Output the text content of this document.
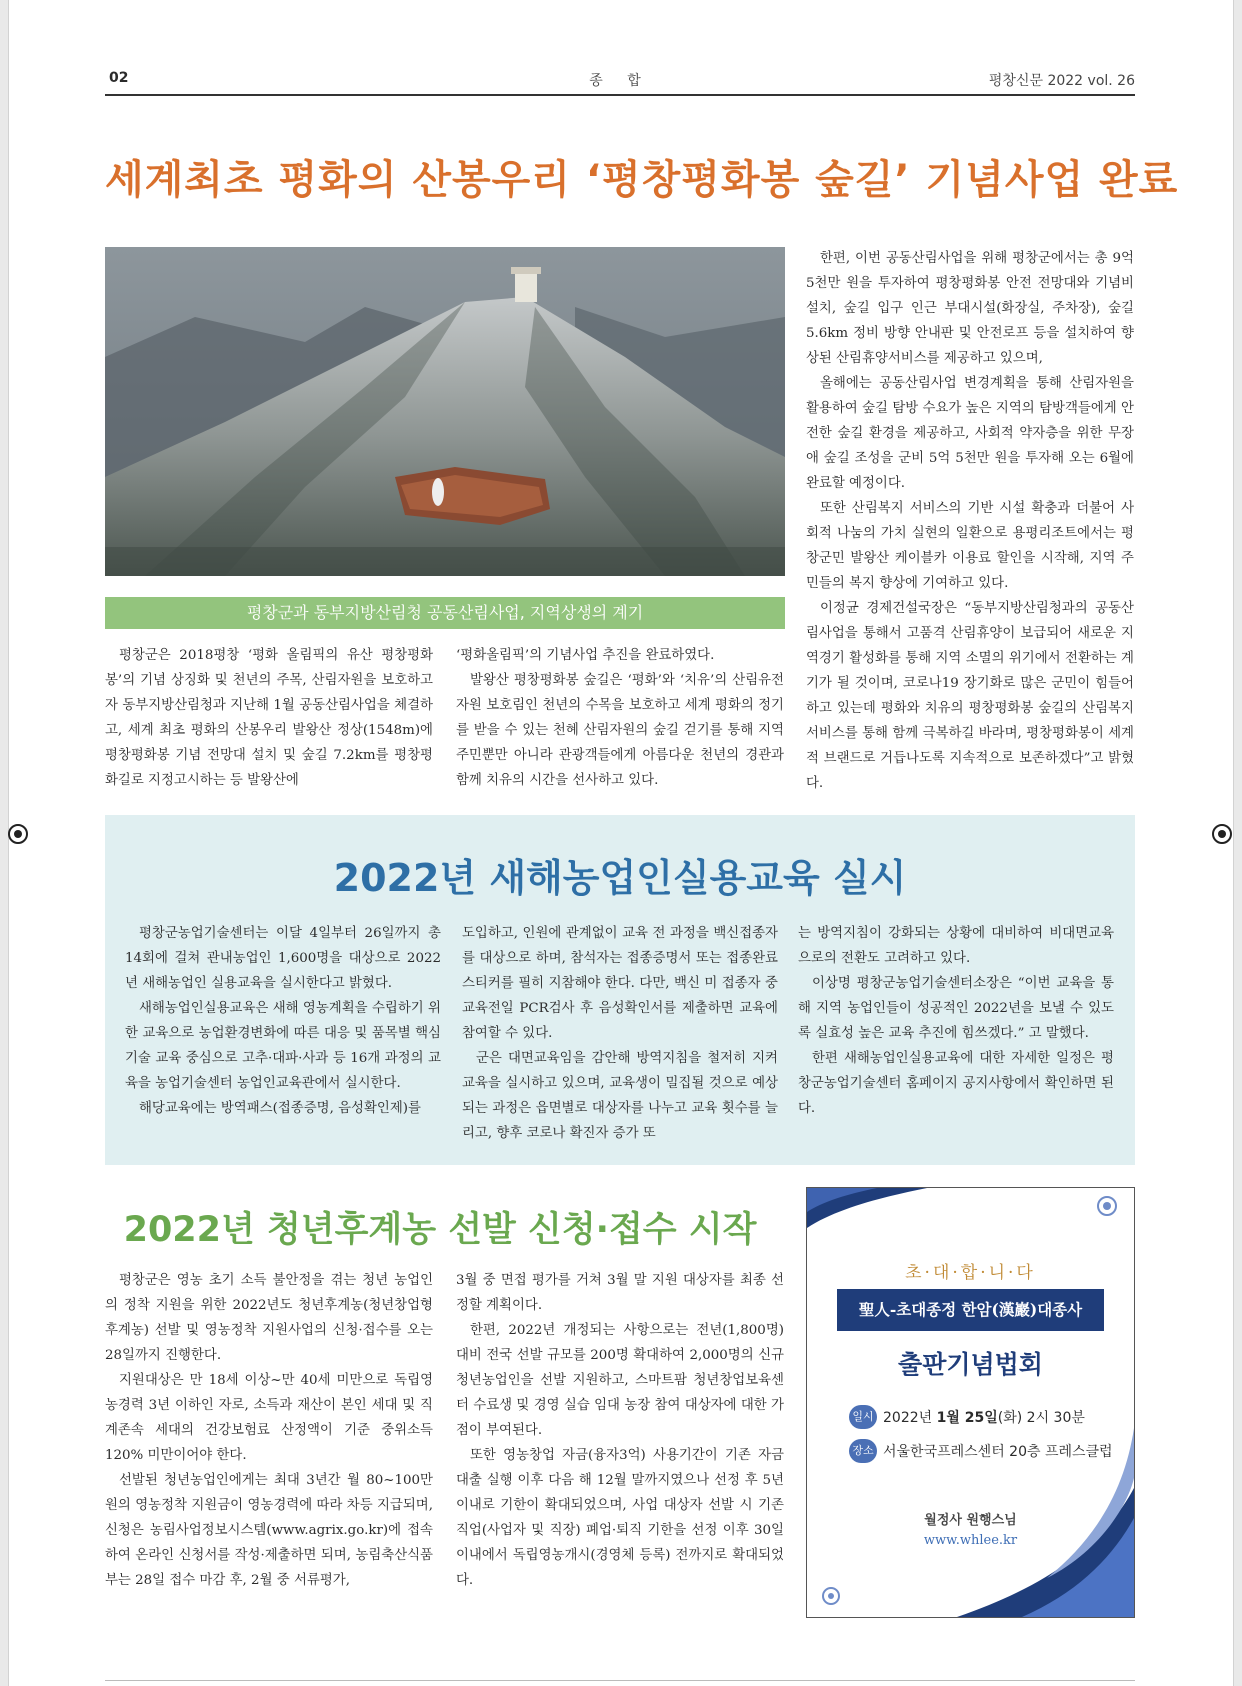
02	종 합	평창신문 2022 vol. 26
세계최초 평화의 산봉우리 ‘평창평화봉 숲길’ 기념사업 완료
평창군과 동부지방산림청 공동산림사업, 지역상생의 계기

평창군은 2018평창 ‘평화 올림픽의 유산 평창평화봉’의 기념 상징화 및 천년의 주목, 산림자원을 보호하고자 동부지방산림청과 지난해 1월 공동산림사업을 체결하고, 세계 최초 평화의 산봉우리 발왕산 정상(1548m)에 평창평화봉 기념 전망대 설치 및 숲길 7.2km를 평창평화길로 지정고시하는 등 발왕산에

‘평화올림픽’의 기념사업 추진을 완료하였다.

발왕산 평창평화봉 숲길은 ‘평화’와 ‘치유’의 산림유전자원 보호림인 천년의 수목을 보호하고 세계 평화의 정기를 받을 수 있는 천혜 산림자원의 숲길 걷기를 통해 지역주민뿐만 아니라 관광객들에게 아름다운 천년의 경관과 함께 치유의 시간을 선사하고 있다.

한편, 이번 공동산림사업을 위해 평창군에서는 총 9억 5천만 원을 투자하여 평창평화봉 안전 전망대와 기념비 설치, 숲길 입구 인근 부대시설(화장실, 주차장), 숲길 5.6km 정비 방향 안내판 및 안전로프 등을 설치하여 향상된 산림휴양서비스를 제공하고 있으며,

올해에는 공동산림사업 변경계획을 통해 산림자원을 활용하여 숲길 탐방 수요가 높은 지역의 탐방객들에게 안전한 숲길 환경을 제공하고, 사회적 약자층을 위한 무장애 숲길 조성을 군비 5억 5천만 원을 투자해 오는 6월에 완료할 예정이다.

또한 산림복지 서비스의 기반 시설 확충과 더불어 사회적 나눔의 가치 실현의 일환으로 용평리조트에서는 평창군민 발왕산 케이블카 이용료 할인을 시작해, 지역 주민들의 복지 향상에 기여하고 있다.

이정균 경제건설국장은 “동부지방산림청과의 공동산림사업을 통해서 고품격 산림휴양이 보급되어 새로운 지역경기 활성화를 통해 지역 소멸의 위기에서 전환하는 계기가 될 것이며, 코로나19 장기화로 많은 군민이 힘들어하고 있는데 평화와 치유의 평창평화봉 숲길의 산림복지 서비스를 통해 함께 극복하길 바라며, 평창평화봉이 세계적 브랜드로 거듭나도록 지속적으로 보존하겠다”고 밝혔다.

2022년 새해농업인실용교육 실시

평창군농업기술센터는 이달 4일부터 26일까지 총 14회에 걸쳐 관내농업인 1,600명을 대상으로 2022년 새해농업인 실용교육을 실시한다고 밝혔다.

새해농업인실용교육은 새해 영농계획을 수립하기 위한 교육으로 농업환경변화에 따른 대응 및 품목별 핵심기술 교육 중심으로 고추·대파·사과 등 16개 과정의 교육을 농업기술센터 농업인교육관에서 실시한다.

해당교육에는 방역패스(접종증명, 음성확인제)를

도입하고, 인원에 관계없이 교육 전 과정을 백신접종자를 대상으로 하며, 참석자는 접종증명서 또는 접종완료스티커를 필히 지참해야 한다. 다만, 백신 미 접종자 중 교육전일 PCR검사 후 음성확인서를 제출하면 교육에 참여할 수 있다.

군은 대면교육임을 감안해 방역지침을 철저히 지켜 교육을 실시하고 있으며, 교육생이 밀집될 것으로 예상되는 과정은 읍면별로 대상자를 나누고 교육 횟수를 늘리고, 향후 코로나 확진자 증가 또

는 방역지침이 강화되는 상황에 대비하여 비대면교육으로의 전환도 고려하고 있다.

이상명 평창군농업기술센터소장은 “이번 교육을 통해 지역 농업인들이 성공적인 2022년을 보낼 수 있도록 실효성 높은 교육 추진에 힘쓰겠다.” 고 말했다.

한편 새해농업인실용교육에 대한 자세한 일정은 평창군농업기술센터 홈페이지 공지사항에서 확인하면 된다.

2022년 청년후계농 선발 신청·접수 시작

평창군은 영농 초기 소득 불안정을 겪는 청년 농업인의 정착 지원을 위한 2022년도 청년후계농(청년창업형 후계농) 선발 및 영농정착 지원사업의 신청·접수를 오는 28일까지 진행한다.

지원대상은 만 18세 이상~만 40세 미만으로 독립영농경력 3년 이하인 자로, 소득과 재산이 본인 세대 및 직계존속 세대의 건강보험료 산정액이 기준 중위소득 120% 미만이어야 한다.

선발된 청년농업인에게는 최대 3년간 월 80~100만원의 영농정착 지원금이 영농경력에 따라 차등 지급되며, 신청은 농림사업정보시스템(www.agrix.go.kr)에 접속하여 온라인 신청서를 작성·제출하면 되며, 농림축산식품부는 28일 접수 마감 후, 2월 중 서류평가,

3월 중 면접 평가를 거쳐 3월 말 지원 대상자를 최종 선정할 계획이다.

한편, 2022년 개정되는 사항으로는 전년(1,800명) 대비 전국 선발 규모를 200명 확대하여 2,000명의 신규 청년농업인을 선발 지원하고, 스마트팜 청년창업보육센터 수료생 및 경영 실습 임대 농장 참여 대상자에 대한 가점이 부여된다.

또한 영농창업 자금(융자3억) 사용기간이 기존 자금 대출 실행 이후 다음 해 12월 말까지였으나 선정 후 5년 이내로 기한이 확대되었으며, 사업 대상자 선발 시 기존 직업(사업자 및 직장) 폐업·퇴직 기한을 선정 이후 30일 이내에서 독립영농개시(경영체 등록) 전까지로 확대되었다.

초·대·합·니·다
聖人-초대종정 한암(漢巖)대종사
출판기념법회
일시 2022년 1월 25일(화) 2시 30분
장소 서울한국프레스센터 20층 프레스클럽
월정사 원행스님
www.whlee.kr
